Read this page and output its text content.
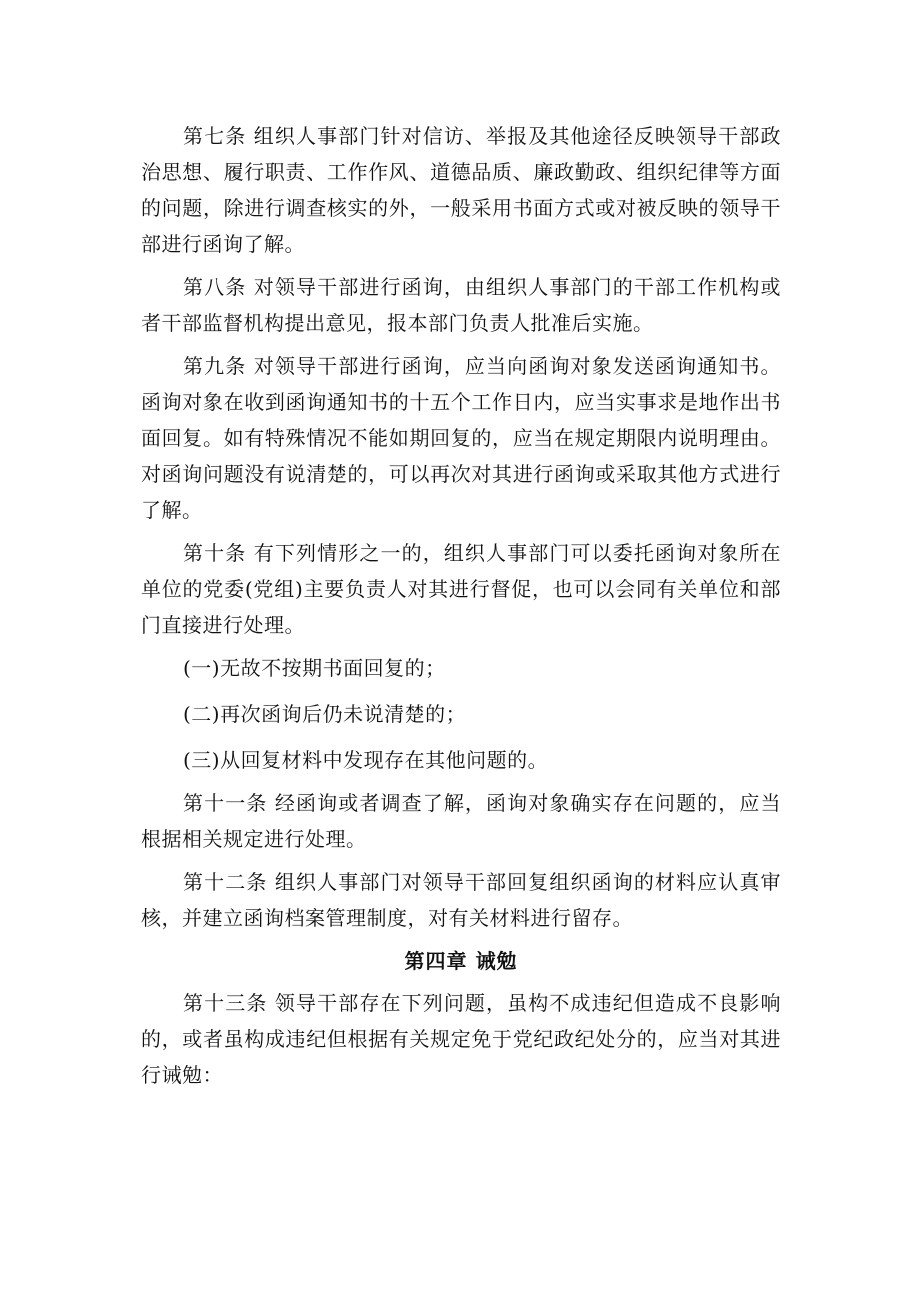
第七条 组织人事部门针对信访、举报及其他途径反映领导干部政治思想、履行职责、工作作风、道德品质、廉政勤政、组织纪律等方面的问题，除进行调查核实的外，一般采用书面方式或对被反映的领导干部进行函询了解。

第八条 对领导干部进行函询，由组织人事部门的干部工作机构或者干部监督机构提出意见，报本部门负责人批准后实施。

第九条 对领导干部进行函询，应当向函询对象发送函询通知书。函询对象在收到函询通知书的十五个工作日内，应当实事求是地作出书面回复。如有特殊情况不能如期回复的，应当在规定期限内说明理由。对函询问题没有说清楚的，可以再次对其进行函询或采取其他方式进行了解。

第十条 有下列情形之一的，组织人事部门可以委托函询对象所在单位的党委(党组)主要负责人对其进行督促，也可以会同有关单位和部门直接进行处理。

(一)无故不按期书面回复的；

(二)再次函询后仍未说清楚的；

(三)从回复材料中发现存在其他问题的。

第十一条 经函询或者调查了解，函询对象确实存在问题的，应当根据相关规定进行处理。

第十二条 组织人事部门对领导干部回复组织函询的材料应认真审核，并建立函询档案管理制度，对有关材料进行留存。

第四章 诫勉

第十三条 领导干部存在下列问题，虽构不成违纪但造成不良影响的，或者虽构成违纪但根据有关规定免于党纪政纪处分的，应当对其进行诫勉：
